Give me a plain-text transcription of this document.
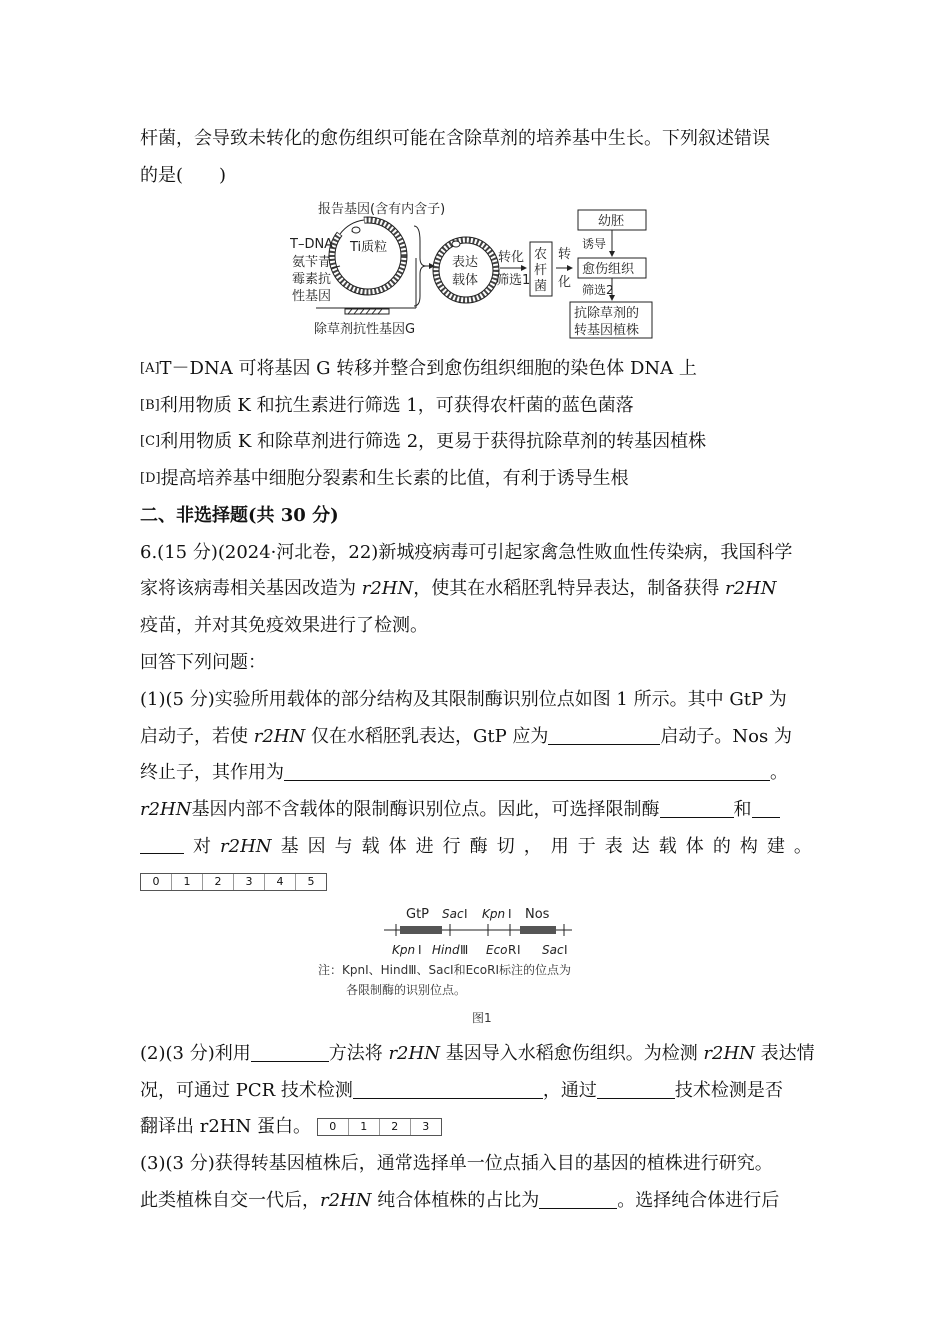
杆菌，会导致未转化的愈伤组织可能在含除草剂的培养基中生长。下列叙述错误
的是(　　)
报告基因(含有内含子)
Ti质粒
T–DNA
氨苄青
霉素抗
性基因
除草剂抗性基因G
表达
载体
转化
筛选1
农
杆
菌
转
化
幼胚
诱导
愈伤组织
筛选2
抗除草剂的
转基因植株
[A]T－DNA 可将基因 G 转移并整合到愈伤组织细胞的染色体 DNA 上
[B]利用物质 K 和抗生素进行筛选 1，可获得农杆菌的蓝色菌落
[C]利用物质 K 和除草剂进行筛选 2，更易于获得抗除草剂的转基因植株
[D]提高培养基中细胞分裂素和生长素的比值，有利于诱导生根
二、非选择题(共 30 分)
6.(15 分)(2024·河北卷，22)新城疫病毒可引起家禽急性败血性传染病，我国科学
家将该病毒相关基因改造为 r2HN，使其在水稻胚乳特异表达，制备获得 r2HN
疫苗，并对其免疫效果进行了检测。
回答下列问题：
(1)(5 分)实验所用载体的部分结构及其限制酶识别位点如图 1 所示。其中 GtP 为
启动子，若使 r2HN 仅在水稻胚乳表达，GtP 应为	启动子。Nos 为
终止子，其作用为	。
r2HN基因内部不含载体的限制酶识别位点。因此，可选择限制酶	和
对 r2HN 基 因 与 载 体 进 行 酶 切 ， 用 于 表 达 载 体 的 构 建 。
0	1	2	3	4	5
GtP Sac Ⅰ Kpn Ⅰ Nos
Kpn Ⅰ Hind Ⅲ Eco R Ⅰ Sac Ⅰ
注：KpnⅠ、HindⅢ、SacⅠ和EcoRⅠ标注的位点为
各限制酶的识别位点。
图1
(2)(3 分)利用	方法将 r2HN 基因导入水稻愈伤组织。为检测 r2HN 表达情
况，可通过 PCR 技术检测	，通过	技术检测是否
翻译出 r2HN 蛋白。	0	1	2	3
(3)(3 分)获得转基因植株后，通常选择单一位点插入目的基因的植株进行研究。
此类植株自交一代后，r2HN 纯合体植株的占比为	。选择纯合体进行后
